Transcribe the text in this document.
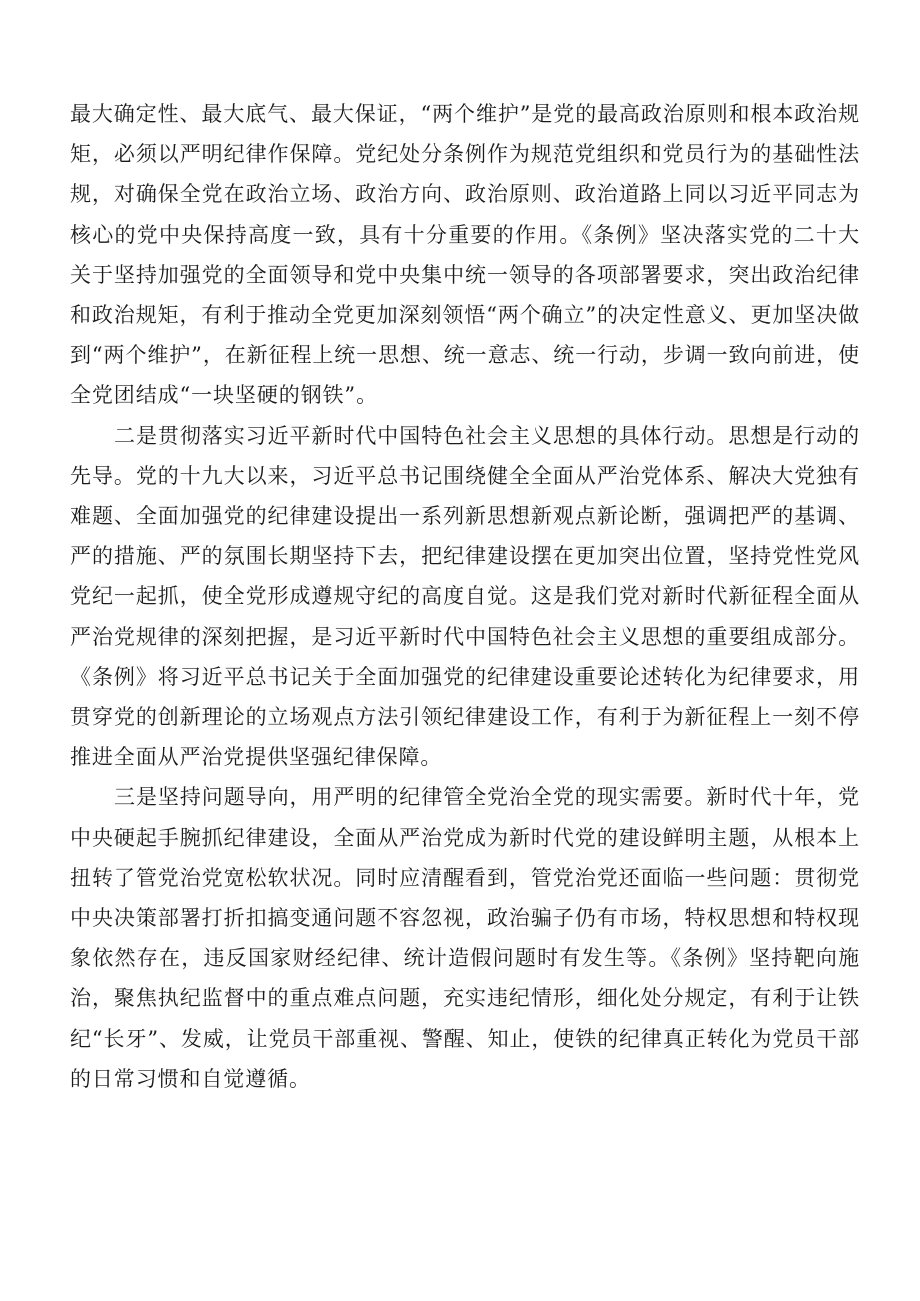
最大确定性、最大底气、最大保证，“两个维护”是党的最高政治原则和根本政治规矩，必须以严明纪律作保障。党纪处分条例作为规范党组织和党员行为的基础性法规，对确保全党在政治立场、政治方向、政治原则、政治道路上同以习近平同志为核心的党中央保持高度一致，具有十分重要的作用。《条例》坚决落实党的二十大关于坚持加强党的全面领导和党中央集中统一领导的各项部署要求，突出政治纪律和政治规矩，有利于推动全党更加深刻领悟“两个确立”的决定性意义、更加坚决做到“两个维护”，在新征程上统一思想、统一意志、统一行动，步调一致向前进，使全党团结成“一块坚硬的钢铁”。

二是贯彻落实习近平新时代中国特色社会主义思想的具体行动。思想是行动的先导。党的十九大以来，习近平总书记围绕健全全面从严治党体系、解决大党独有难题、全面加强党的纪律建设提出一系列新思想新观点新论断，强调把严的基调、严的措施、严的氛围长期坚持下去，把纪律建设摆在更加突出位置，坚持党性党风党纪一起抓，使全党形成遵规守纪的高度自觉。这是我们党对新时代新征程全面从严治党规律的深刻把握，是习近平新时代中国特色社会主义思想的重要组成部分。《条例》将习近平总书记关于全面加强党的纪律建设重要论述转化为纪律要求，用贯穿党的创新理论的立场观点方法引领纪律建设工作，有利于为新征程上一刻不停推进全面从严治党提供坚强纪律保障。

三是坚持问题导向，用严明的纪律管全党治全党的现实需要。新时代十年，党中央硬起手腕抓纪律建设，全面从严治党成为新时代党的建设鲜明主题，从根本上扭转了管党治党宽松软状况。同时应清醒看到，管党治党还面临一些问题：贯彻党中央决策部署打折扣搞变通问题不容忽视，政治骗子仍有市场，特权思想和特权现象依然存在，违反国家财经纪律、统计造假问题时有发生等。《条例》坚持靶向施治，聚焦执纪监督中的重点难点问题，充实违纪情形，细化处分规定，有利于让铁纪“长牙”、发威，让党员干部重视、警醒、知止，使铁的纪律真正转化为党员干部的日常习惯和自觉遵循。
